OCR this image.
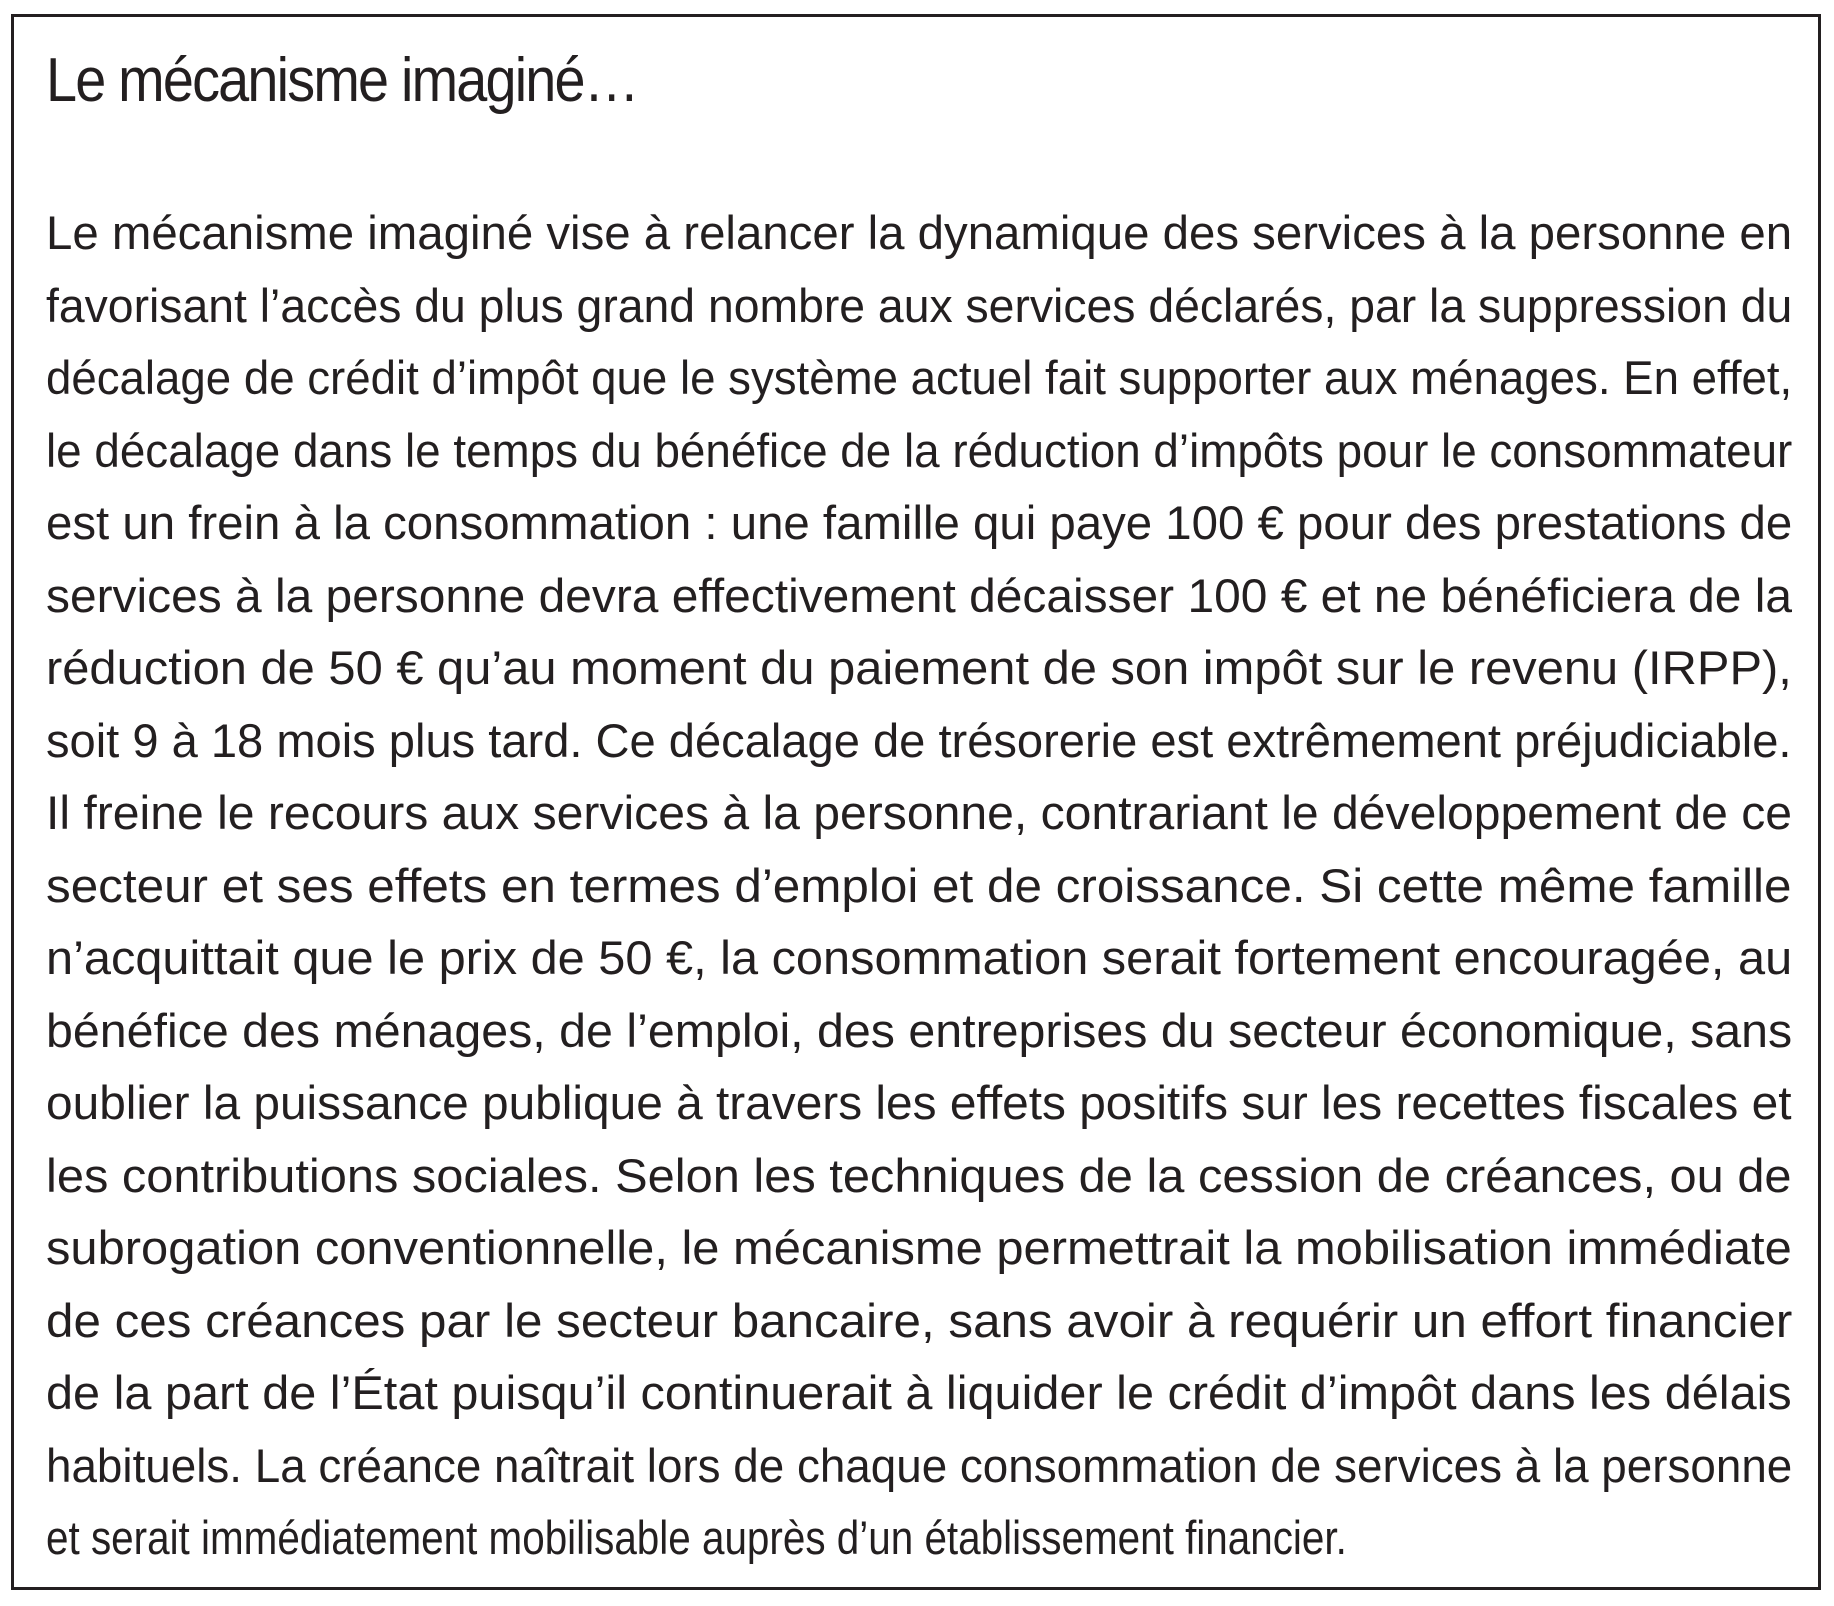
Le mécanisme imaginé…
Le mécanisme imaginé vise à relancer la dynamique des services à la personne en
favorisant l’accès du plus grand nombre aux services déclarés, par la suppression du
décalage de crédit d’impôt que le système actuel fait supporter aux ménages. En effet,
le décalage dans le temps du bénéfice de la réduction d’impôts pour le consommateur
est un frein à la consommation : une famille qui paye 100 € pour des prestations de
services à la personne devra effectivement décaisser 100 € et ne bénéficiera de la
réduction de 50 € qu’au moment du paiement de son impôt sur le revenu (IRPP),
soit 9 à 18 mois plus tard. Ce décalage de trésorerie est extrêmement préjudiciable.
Il freine le recours aux services à la personne, contrariant le développement de ce
secteur et ses effets en termes d’emploi et de croissance. Si cette même famille
n’acquittait que le prix de 50 €, la consommation serait fortement encouragée, au
bénéfice des ménages, de l’emploi, des entreprises du secteur économique, sans
oublier la puissance publique à travers les effets positifs sur les recettes fiscales et
les contributions sociales. Selon les techniques de la cession de créances, ou de
subrogation conventionnelle, le mécanisme permettrait la mobilisation immédiate
de ces créances par le secteur bancaire, sans avoir à requérir un effort financier
de la part de l’État puisqu’il continuerait à liquider le crédit d’impôt dans les délais
habituels. La créance naîtrait lors de chaque consommation de services à la personne
et serait immédiatement mobilisable auprès d’un établissement financier.
